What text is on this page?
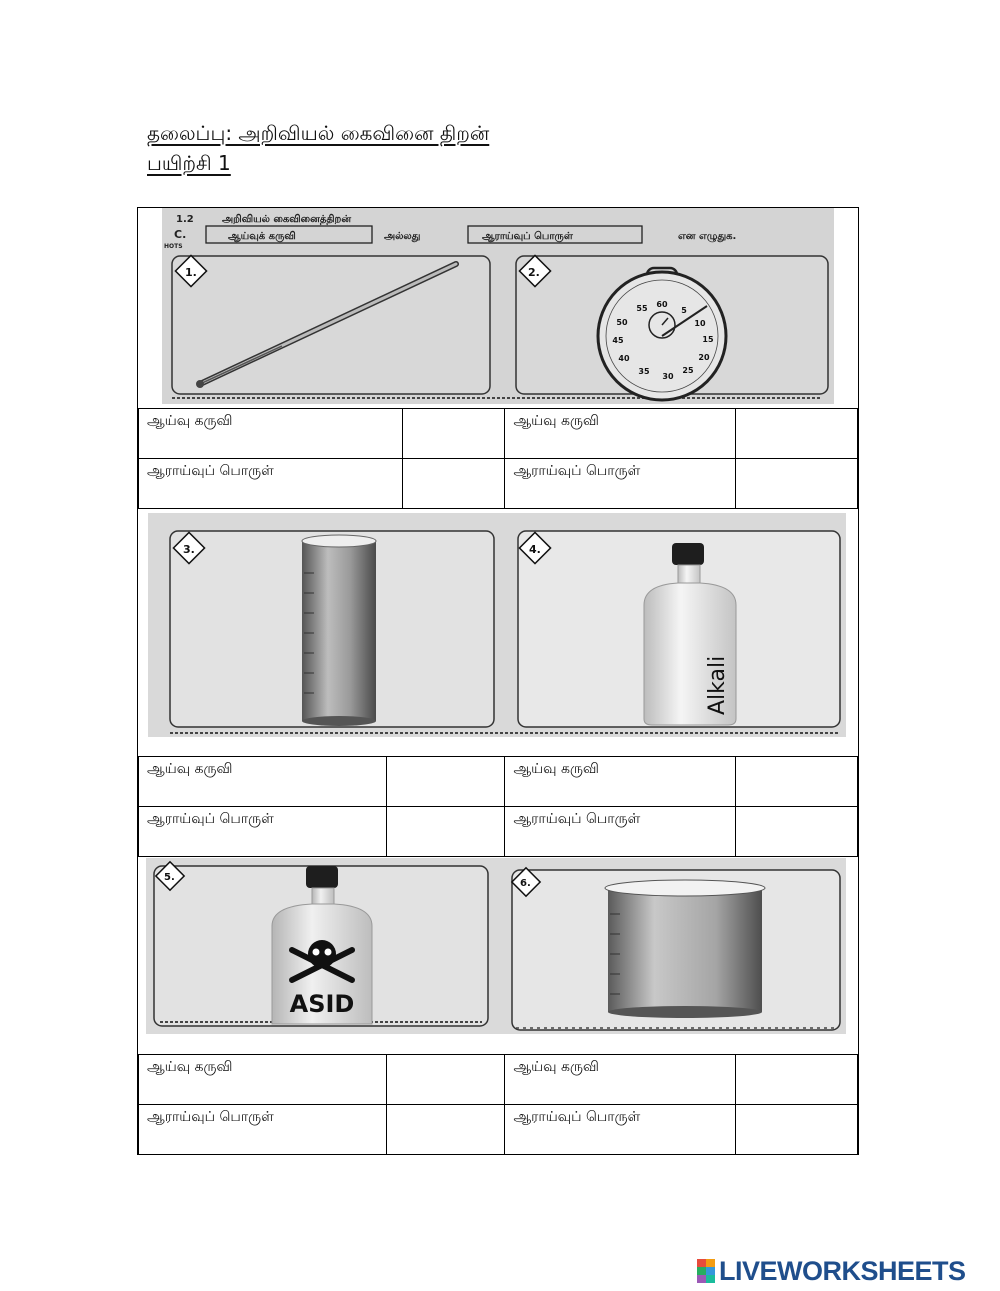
தலைப்பு: அறிவியல் கைவினை திறன்
பயிற்சி 1
1.2	அறிவியல் கைவினைத்திறன்
C.
HOTS
ஆய்வுக் கருவி	அல்லது	ஆராய்வுப் பொருள்	என எழுதுக.
1.	2.
60
5
10
15
20
25
30
35
40
45
50
55
ஆய்வு கருவி		ஆய்வு கருவி	
ஆராய்வுப் பொருள்		ஆராய்வுப் பொருள்	
3.	4.
Alkali
ஆய்வு கருவி		ஆய்வு கருவி	
ஆராய்வுப் பொருள்		ஆராய்வுப் பொருள்	
5.
6.
ASID
ஆய்வு கருவி		ஆய்வு கருவி	
ஆராய்வுப் பொருள்		ஆராய்வுப் பொருள்	
LIVEWORKSHEETS
